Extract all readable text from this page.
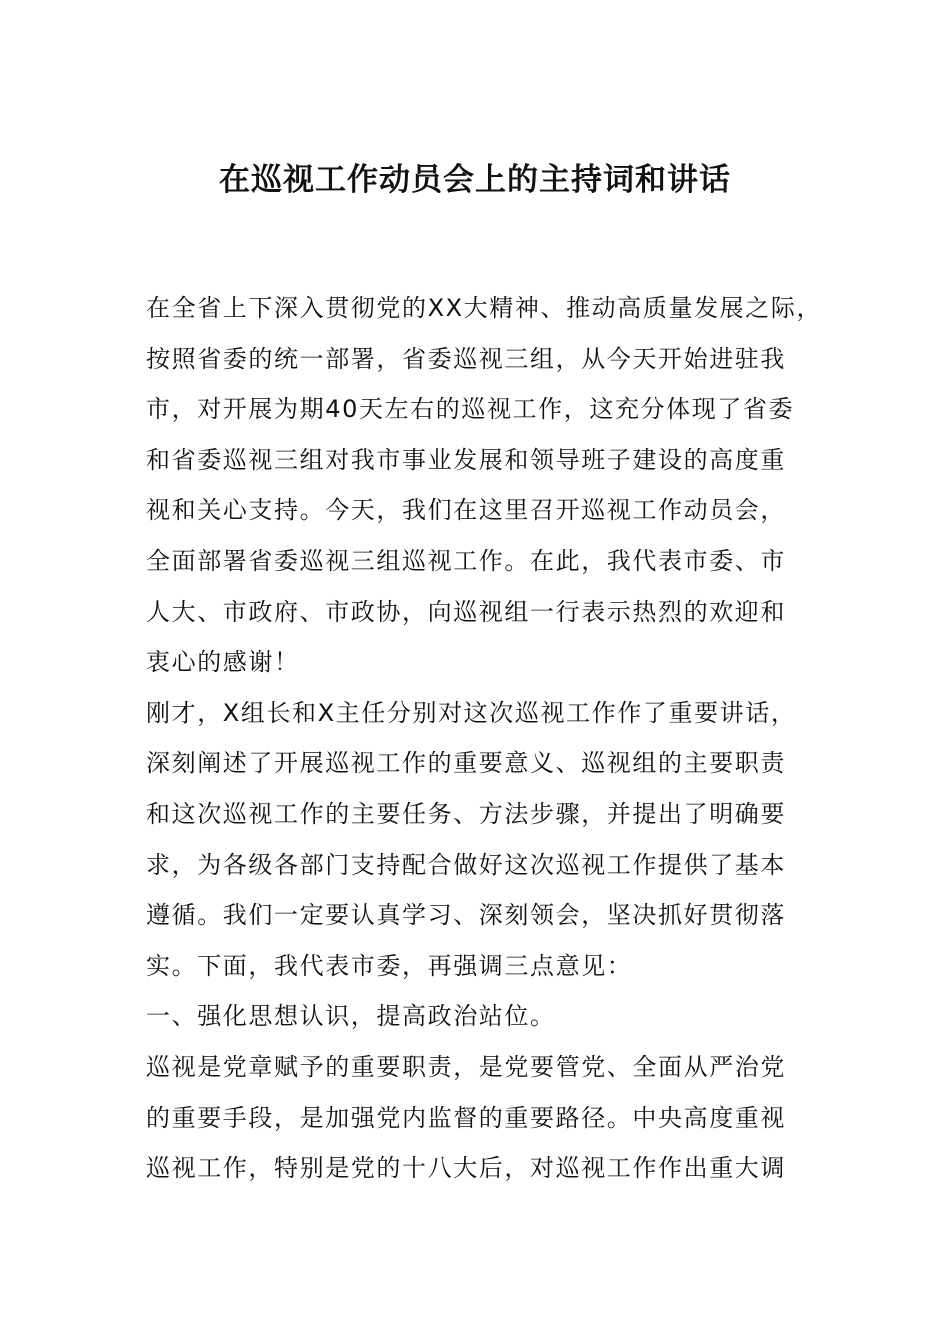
在巡视工作动员会上的主持词和讲话
在全省上下深入贯彻党的XX大精神、推动高质量发展之际，
按照省委的统一部署，省委巡视三组，从今天开始进驻我
市，对开展为期40天左右的巡视工作，这充分体现了省委
和省委巡视三组对我市事业发展和领导班子建设的高度重
视和关心支持。今天，我们在这里召开巡视工作动员会，
全面部署省委巡视三组巡视工作。在此，我代表市委、市
人大、市政府、市政协，向巡视组一行表示热烈的欢迎和
衷心的感谢！
刚才，X组长和X主任分别对这次巡视工作作了重要讲话，
深刻阐述了开展巡视工作的重要意义、巡视组的主要职责
和这次巡视工作的主要任务、方法步骤，并提出了明确要
求，为各级各部门支持配合做好这次巡视工作提供了基本
遵循。我们一定要认真学习、深刻领会，坚决抓好贯彻落
实。下面，我代表市委，再强调三点意见：
一、强化思想认识，提高政治站位。
巡视是党章赋予的重要职责，是党要管党、全面从严治党
的重要手段，是加强党内监督的重要路径。中央高度重视
巡视工作，特别是党的十八大后，对巡视工作作出重大调
